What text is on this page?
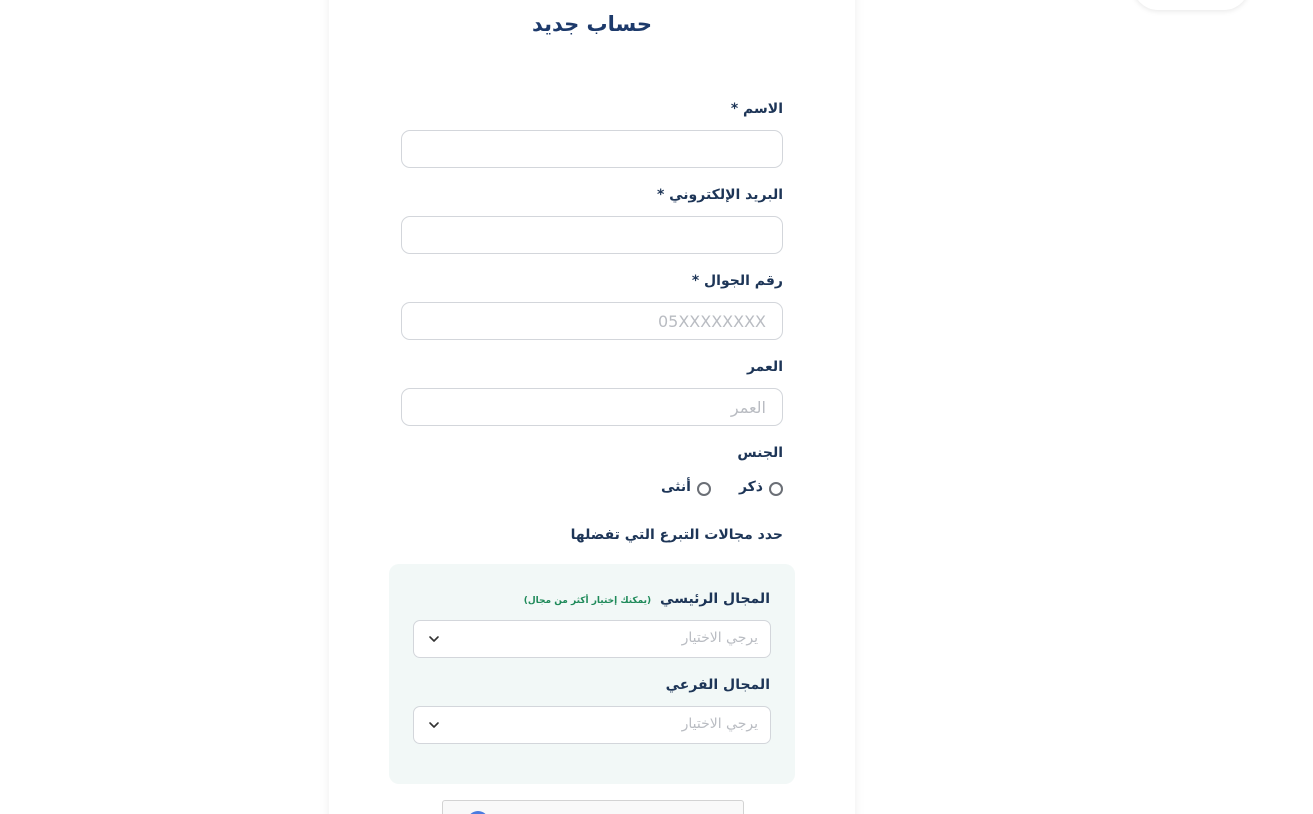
حساب جديد
الاسم *
البريد الإلكتروني *
رقم الجوال *
05XXXXXXXX
العمر
العمر
الجنس
ذكر
أنثى
حدد مجالات التبرع التي تفضلها
المجال الرئيسي (يمكنك إختيار أكثر من مجال)
يرجي الاختيار
المجال الفرعي
يرجي الاختيار
